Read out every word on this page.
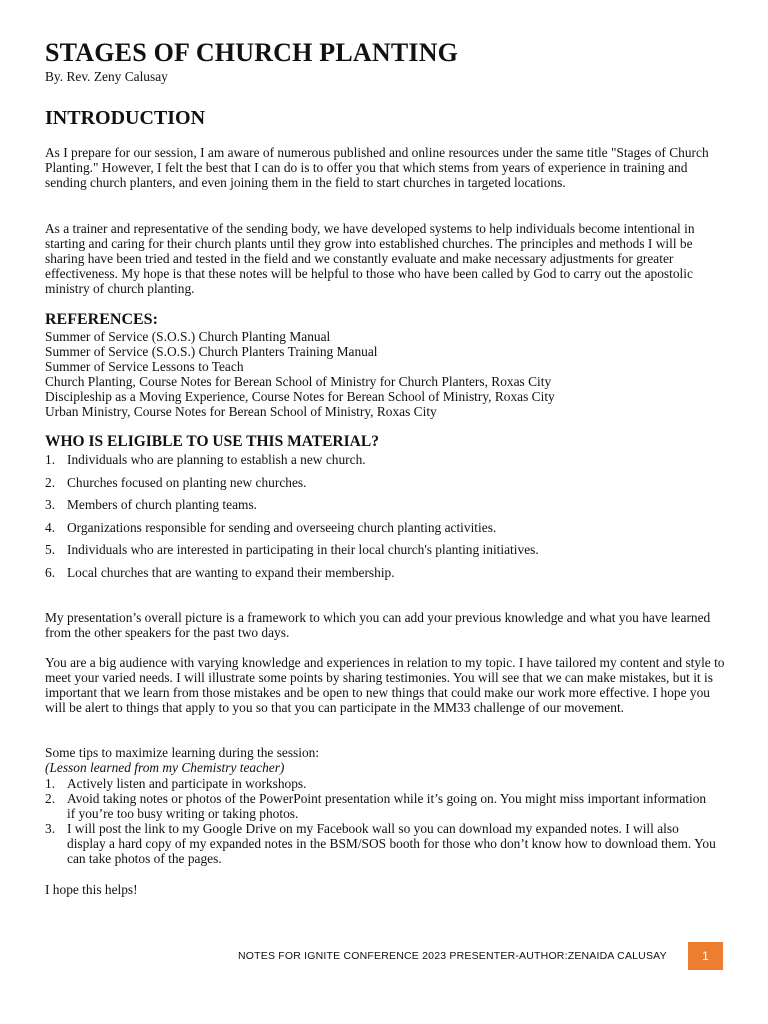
STAGES OF CHURCH PLANTING

By. Rev. Zeny Calusay

INTRODUCTION

As I prepare for our session, I am aware of numerous published and online resources under the same title "Stages of Church Planting." However, I felt the best that I can do is to offer you that which stems from years of experience in training and sending church planters, and even joining them in the field to start churches in targeted locations.

As a trainer and representative of the sending body, we have developed systems to help individuals become intentional in starting and caring for their church plants until they grow into established churches. The principles and methods I will be sharing have been tried and tested in the field and we constantly evaluate and make necessary adjustments for greater effectiveness. My hope is that these notes will be helpful to those who have been called by God to carry out the apostolic ministry of church planting.

REFERENCES:
Summer of Service (S.O.S.) Church Planting Manual
Summer of Service (S.O.S.) Church Planters Training Manual
Summer of Service Lessons to Teach
Church Planting, Course Notes for Berean School of Ministry for Church Planters, Roxas City
Discipleship as a Moving Experience, Course Notes for Berean School of Ministry, Roxas City
Urban Ministry, Course Notes for Berean School of Ministry, Roxas City
WHO IS ELIGIBLE TO USE THIS MATERIAL?
1. Individuals who are planning to establish a new church.
2. Churches focused on planting new churches.
3. Members of church planting teams.
4. Organizations responsible for sending and overseeing church planting activities.
5. Individuals who are interested in participating in their local church's planting initiatives.
6. Local churches that are wanting to expand their membership.

My presentation’s overall picture is a framework to which you can add your previous knowledge and what you have learned from the other speakers for the past two days.

You are a big audience with varying knowledge and experiences in relation to my topic. I have tailored my content and style to meet your varied needs. I will illustrate some points by sharing testimonies. You will see that we can make mistakes, but it is important that we learn from those mistakes and be open to new things that could make our work more effective. I hope you will be alert to things that apply to you so that you can participate in the MM33 challenge of our movement.

Some tips to maximize learning during the session:
(Lesson learned from my Chemistry teacher)

1. Actively listen and participate in workshops.
2. Avoid taking notes or photos of the PowerPoint presentation while it’s going on. You might miss important information if you’re too busy writing or taking photos.
3. I will post the link to my Google Drive on my Facebook wall so you can download my expanded notes. I will also display a hard copy of my expanded notes in the BSM/SOS booth for those who don’t know how to download them. You can take photos of the pages.

I hope this helps!

NOTES FOR IGNITE CONFERENCE 2023 PRESENTER-AUTHOR:ZENAIDA CALUSAY	1
